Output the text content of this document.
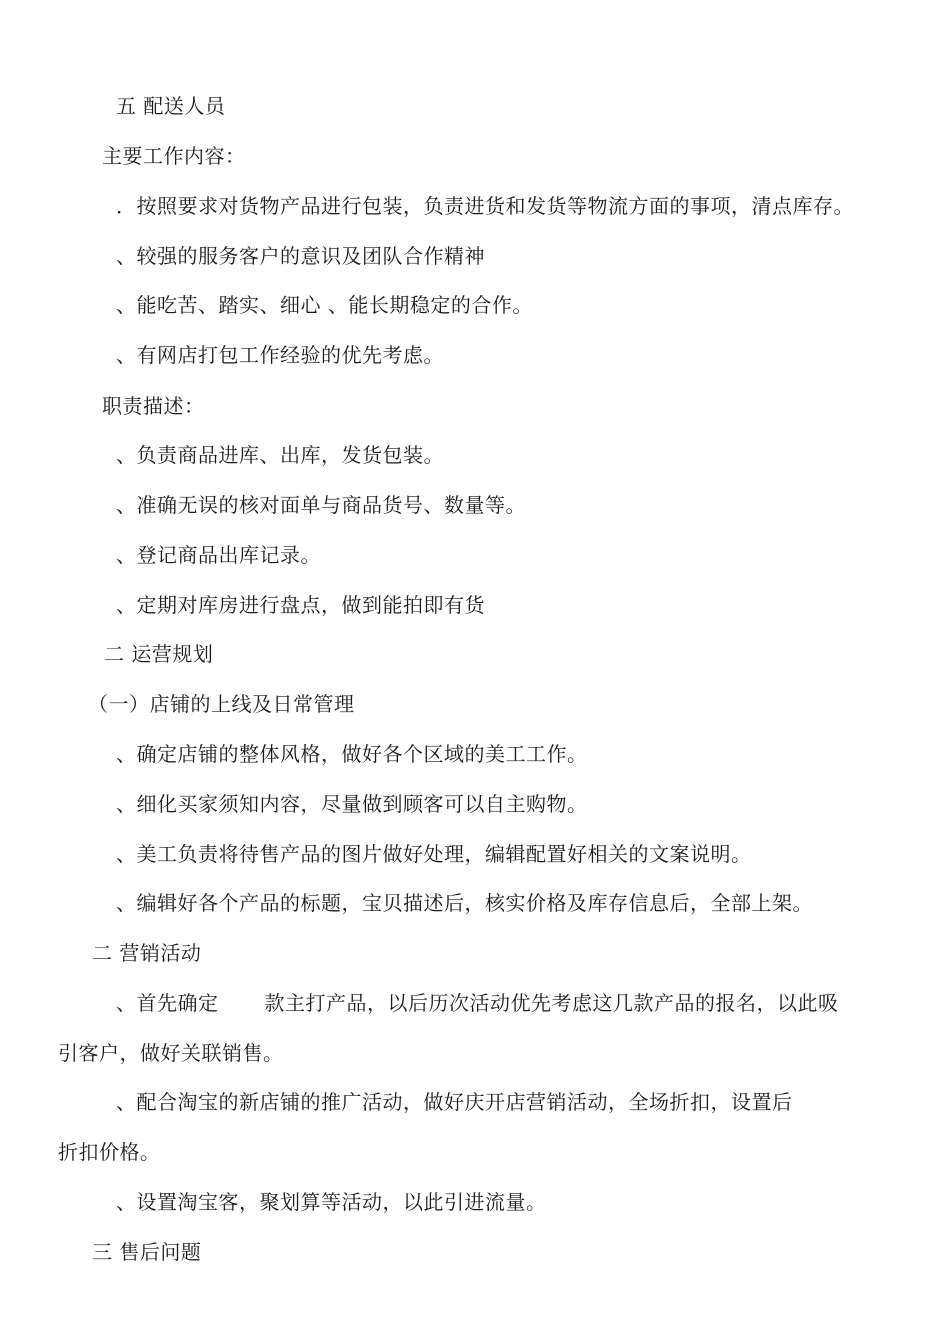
五 配送人员
主要工作内容：
．按照要求对货物产品进行包装，负责进货和发货等物流方面的事项，清点库存。
、较强的服务客户的意识及团队合作精神
、能吃苦、踏实、细心 、能长期稳定的合作。
、有网店打包工作经验的优先考虑。
职责描述：
、负责商品进库、出库，发货包装。
、准确无误的核对面单与商品货号、数量等。
、登记商品出库记录。
、定期对库房进行盘点，做到能拍即有货
二 运营规划
（一）店铺的上线及日常管理
、确定店铺的整体风格，做好各个区域的美工工作。
、细化买家须知内容，尽量做到顾客可以自主购物。
、美工负责将待售产品的图片做好处理，编辑配置好相关的文案说明。
、编辑好各个产品的标题，宝贝描述后，核实价格及库存信息后，全部上架。
二 营销活动
、首先确定 款主打产品，以后历次活动优先考虑这几款产品的报名，以此吸
引客户，做好关联销售。
、配合淘宝的新店铺的推广活动，做好庆开店营销活动，全场折扣，设置后
折扣价格。
、设置淘宝客，聚划算等活动，以此引进流量。
三 售后问题
